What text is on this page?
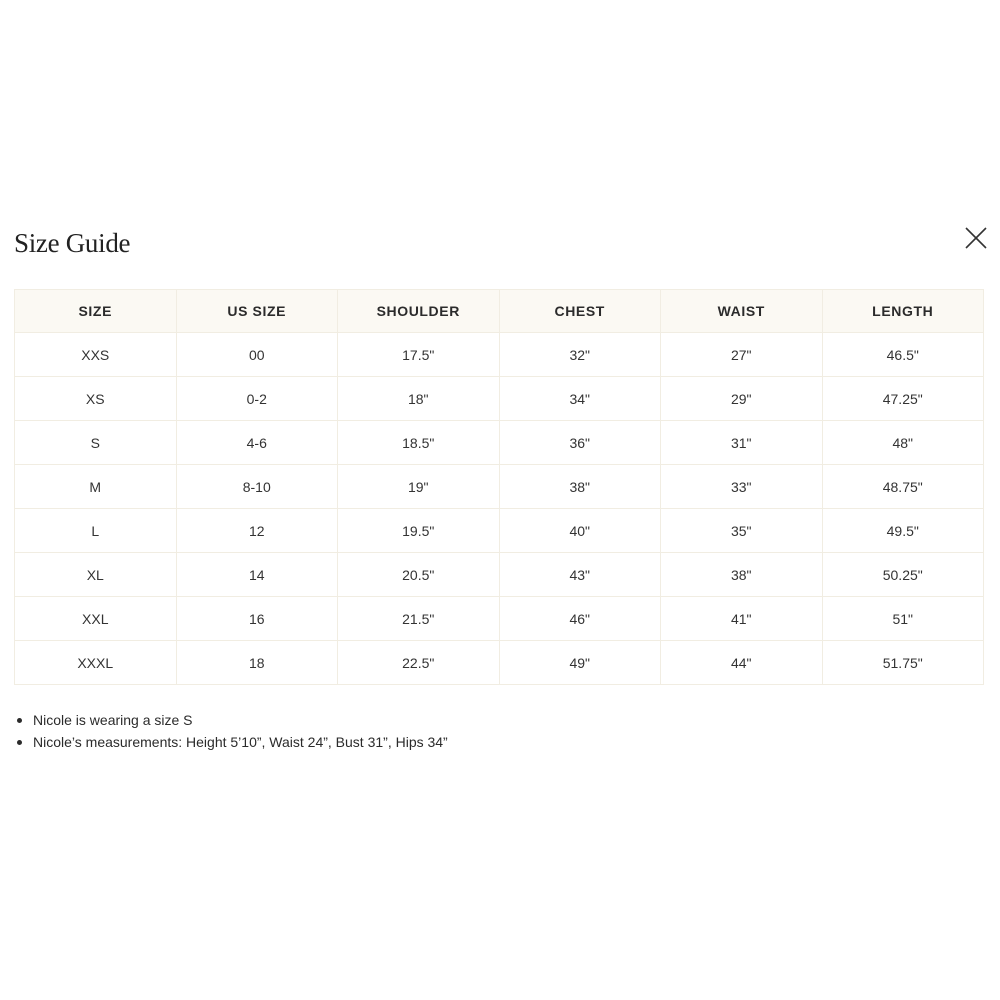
Size Guide
SIZE	US SIZE	SHOULDER	CHEST	WAIST	LENGTH
XXS	00	17.5"	32"	27"	46.5"
XS	0-2	18"	34"	29"	47.25"
S	4-6	18.5"	36"	31"	48"
M	8-10	19"	38"	33"	48.75"
L	12	19.5"	40"	35"	49.5"
XL	14	20.5"	43"	38"	50.25"
XXL	16	21.5"	46"	41"	51"
XXXL	18	22.5"	49"	44"	51.75"
Nicole is wearing a size S
Nicole’s measurements: Height 5’10”, Waist 24”, Bust 31”, Hips 34”
